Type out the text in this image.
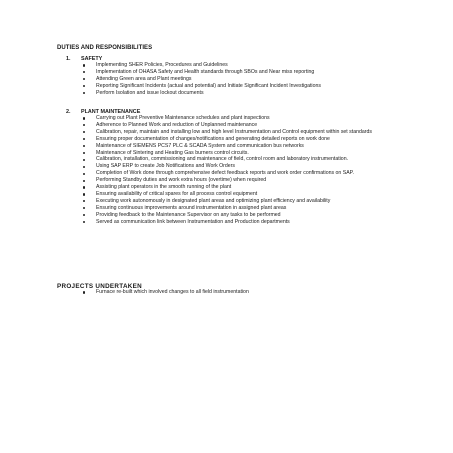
DUTIES AND RESPONSIBILITIES
1. SAFETY
Implementing SHER Policies, Procedures and Guidelines
Implementation of OHASA Safety and Health standards through SBOs and Near miss reporting
Attending Green area and Plant meetings
Reporting Significant Incidents (actual and potential) and Initiate Significant Incident Investigations
Perform Isolation and issue lockout documents
2. PLANT MAINTENANCE
Carrying out Plant Preventive Maintenance schedules and plant inspections
Adherence to Planned Work and reduction of Unplanned maintenance
Calibration, repair, maintain and installing low and high level Instrumentation and Control equipment within set standards
Ensuring proper documentation of changes/notifications and generating detailed reports on work done
Maintenance of SIEMENS PCS7 PLC & SCADA System and communication bus networks
Maintenance of Sintering and Heating Gas burners control circuits.
Calibration, installation, commissioning and maintenance of field, control room and laboratory instrumentation.
Using SAP ERP to create Job Notifications and Work Orders
Completion of Work done through comprehensive defect feedback reports and work order confirmations on SAP.
Performing Standby duties and work extra hours (overtime) when required
Assisting plant operators in the smooth running of the plant
Ensuring availability of critical spares for all process control equipment
Executing work autonomously in designated plant areas and optimizing plant efficiency and availability
Ensuring continuous improvements around instrumentation in assigned plant areas
Providing feedback to the Maintenance Supervisor on any tasks to be performed
Served as communication link between Instrumentation and Production departments
PROJECTS UNDERTAKEN
Furnace re-built which involved changes to all field instrumentation
